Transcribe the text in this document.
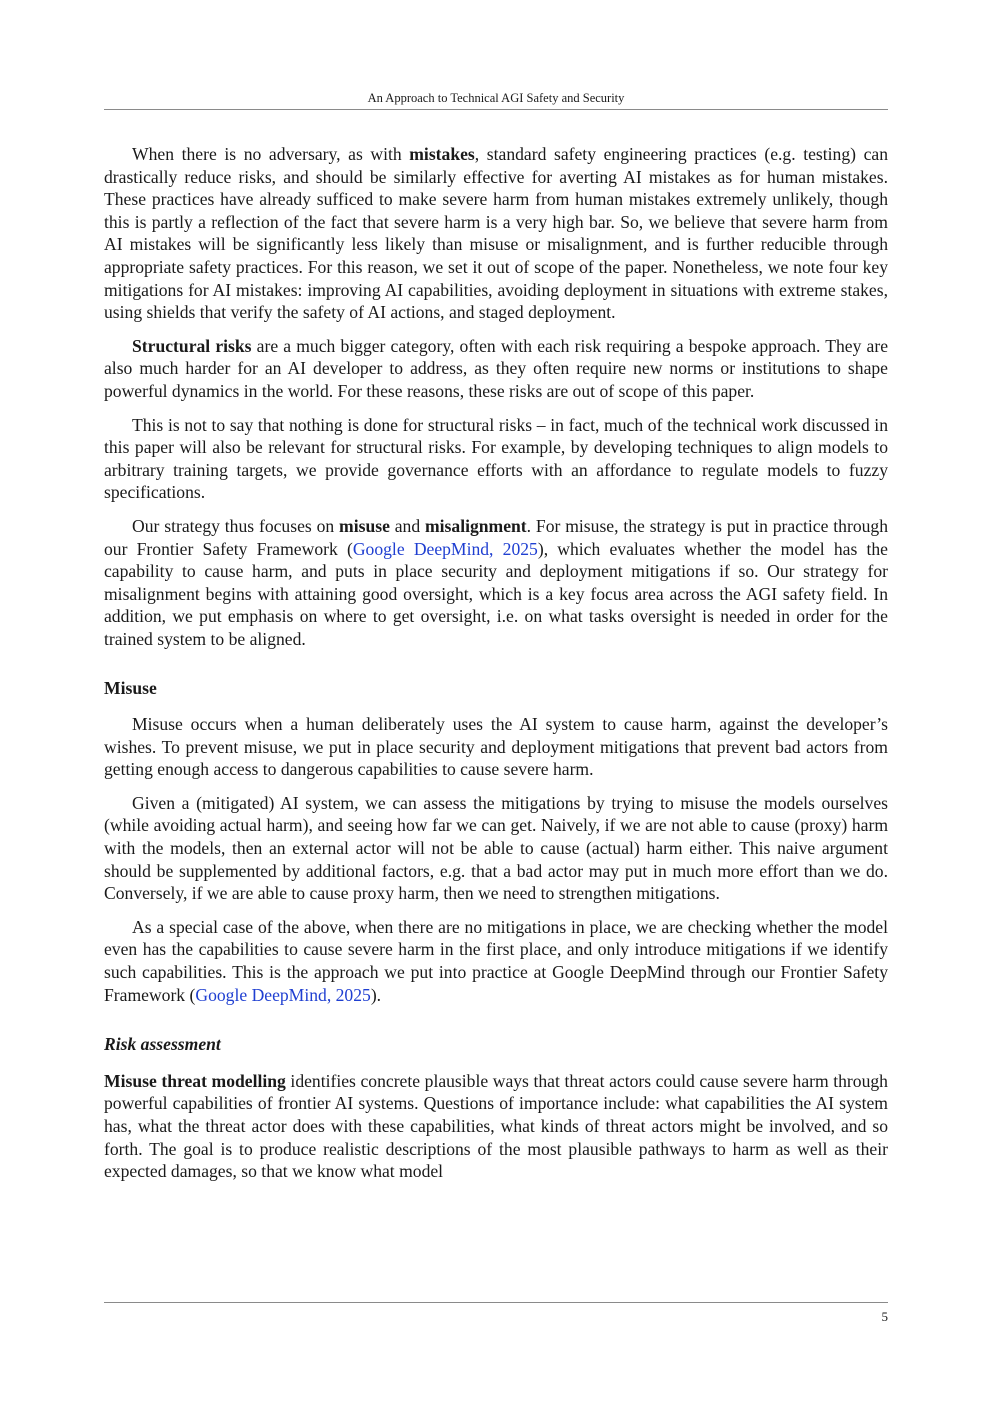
An Approach to Technical AGI Safety and Security

When there is no adversary, as with mistakes, standard safety engineering practices (e.g. testing) can drastically reduce risks, and should be similarly effective for averting AI mistakes as for human mistakes. These practices have already sufficed to make severe harm from human mistakes extremely unlikely, though this is partly a reflection of the fact that severe harm is a very high bar. So, we believe that severe harm from AI mistakes will be significantly less likely than misuse or misalignment, and is further reducible through appropriate safety practices. For this reason, we set it out of scope of the paper. Nonetheless, we note four key mitigations for AI mistakes: improving AI capabilities, avoiding deployment in situations with extreme stakes, using shields that verify the safety of AI actions, and staged deployment.

Structural risks are a much bigger category, often with each risk requiring a bespoke approach. They are also much harder for an AI developer to address, as they often require new norms or institutions to shape powerful dynamics in the world. For these reasons, these risks are out of scope of this paper.

This is not to say that nothing is done for structural risks – in fact, much of the technical work discussed in this paper will also be relevant for structural risks. For example, by developing techniques to align models to arbitrary training targets, we provide governance efforts with an affordance to regulate models to fuzzy specifications.

Our strategy thus focuses on misuse and misalignment. For misuse, the strategy is put in practice through our Frontier Safety Framework (Google DeepMind, 2025), which evaluates whether the model has the capability to cause harm, and puts in place security and deployment mitigations if so. Our strategy for misalignment begins with attaining good oversight, which is a key focus area across the AGI safety field. In addition, we put emphasis on where to get oversight, i.e. on what tasks oversight is needed in order for the trained system to be aligned.

Misuse

Misuse occurs when a human deliberately uses the AI system to cause harm, against the developer’s wishes. To prevent misuse, we put in place security and deployment mitigations that prevent bad actors from getting enough access to dangerous capabilities to cause severe harm.

Given a (mitigated) AI system, we can assess the mitigations by trying to misuse the models ourselves (while avoiding actual harm), and seeing how far we can get. Naively, if we are not able to cause (proxy) harm with the models, then an external actor will not be able to cause (actual) harm either. This naive argument should be supplemented by additional factors, e.g. that a bad actor may put in much more effort than we do. Conversely, if we are able to cause proxy harm, then we need to strengthen mitigations.

As a special case of the above, when there are no mitigations in place, we are checking whether the model even has the capabilities to cause severe harm in the first place, and only introduce mitigations if we identify such capabilities. This is the approach we put into practice at Google DeepMind through our Frontier Safety Framework (Google DeepMind, 2025).

Risk assessment

Misuse threat modelling identifies concrete plausible ways that threat actors could cause severe harm through powerful capabilities of frontier AI systems. Questions of importance include: what capabilities the AI system has, what the threat actor does with these capabilities, what kinds of threat actors might be involved, and so forth. The goal is to produce realistic descriptions of the most plausible pathways to harm as well as their expected damages, so that we know what model

5
